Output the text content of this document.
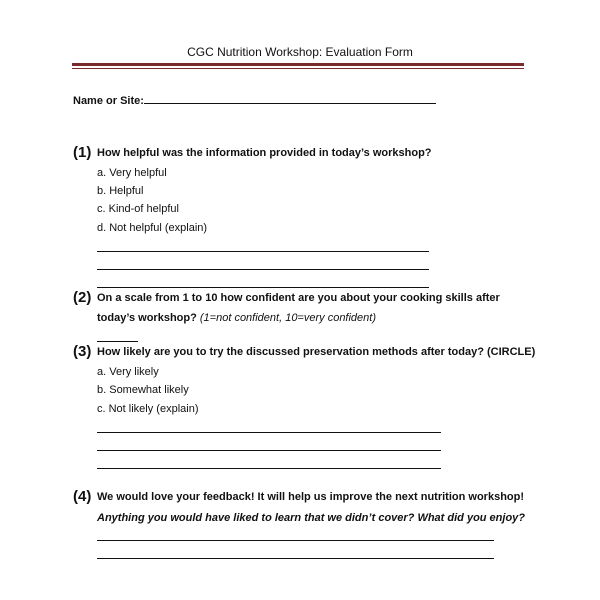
CGC Nutrition Workshop: Evaluation Form
Name or Site:
(1) How helpful was the information provided in today’s workshop?
a. Very helpful
b. Helpful
c. Kind-of helpful
d. Not helpful (explain)
(2) On a scale from 1 to 10 how confident are you about your cooking skills after
today’s workshop? (1=not confident, 10=very confident)
(3) How likely are you to try the discussed preservation methods after today? (CIRCLE)
a. Very likely
b. Somewhat likely
c. Not likely (explain)
(4) We would love your feedback! It will help us improve the next nutrition workshop!
Anything you would have liked to learn that we didn’t cover? What did you enjoy?
